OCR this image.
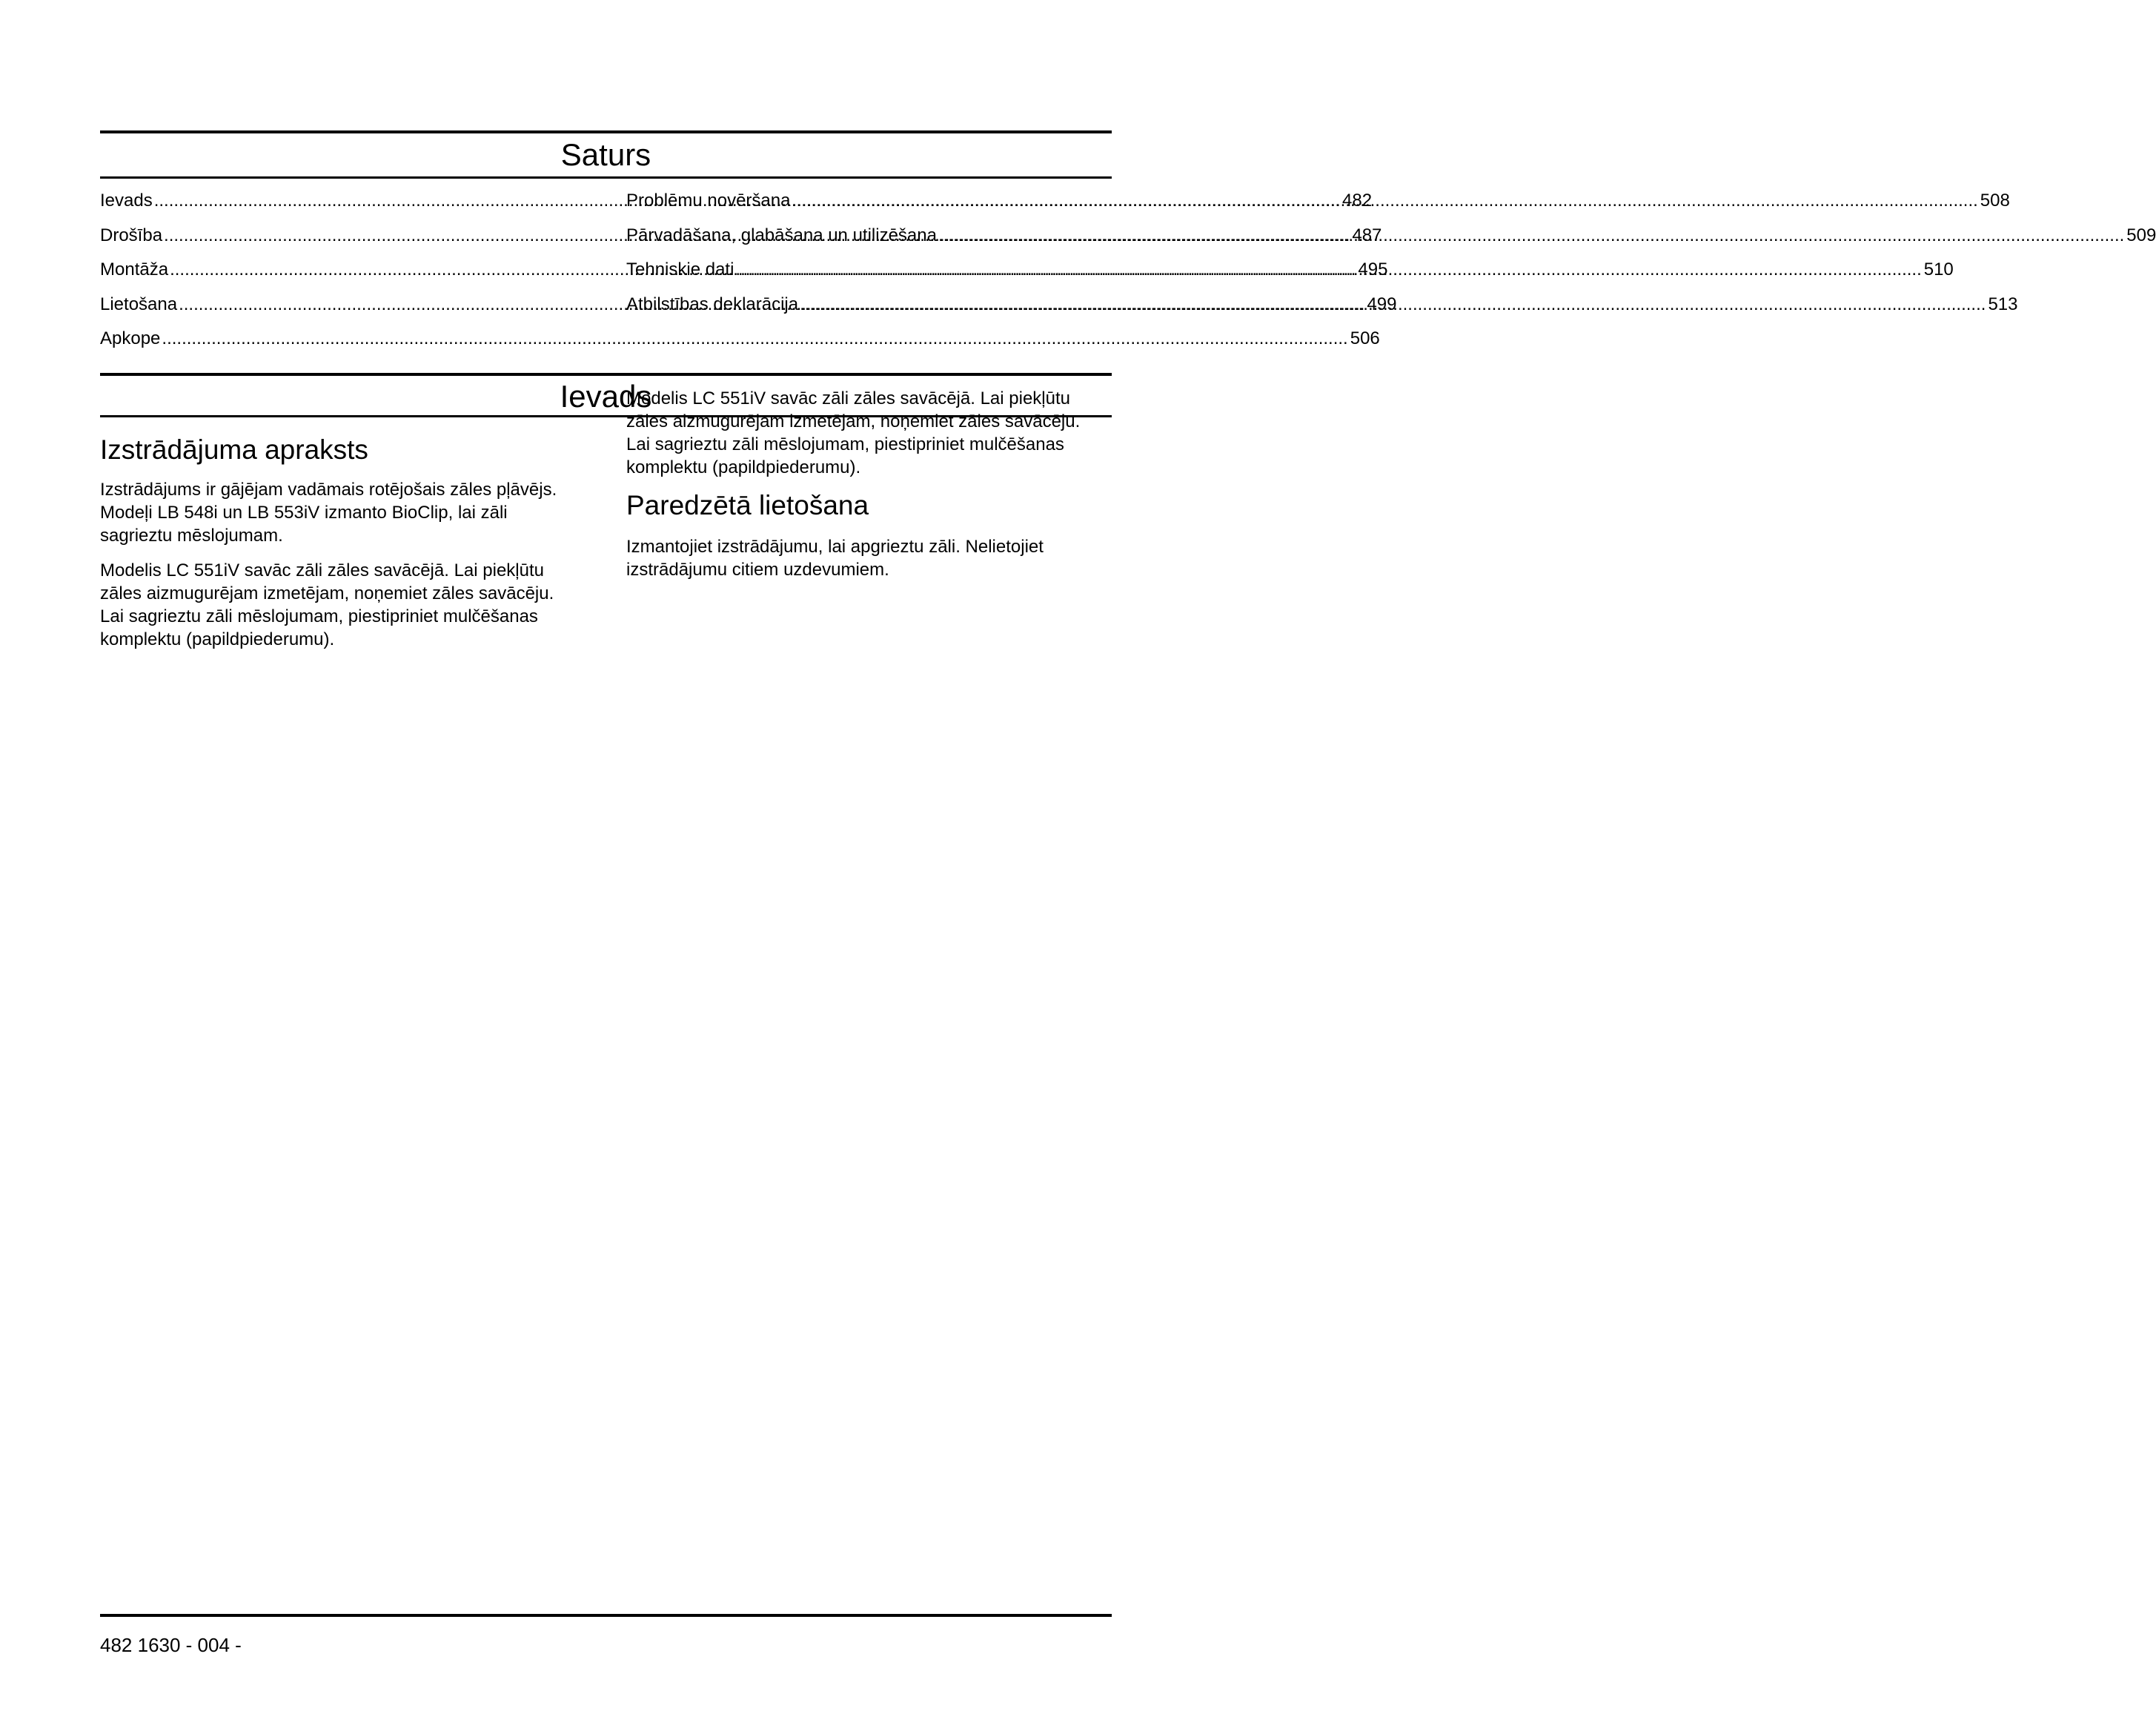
Saturs
Ievads .....	482
Drošība .....	487
Montāža .....	495
Lietošana .....	499
Apkope .....	506
Problēmu novēršana .....	508
Pārvadāšana, glabāšana un utilizēšana .....	509
Tehniskie dati .....	510
Atbilstības deklarācija .....	513
Ievads
Izstrādājuma apraksts

Izstrādājums ir gājējam vadāmais rotējošais zāles pļāvējs. Modeļi LB 548i un LB 553iV izmanto BioClip, lai zāli sagrieztu mēslojumam.

Modelis LC 551iV savāc zāli zāles savācējā. Lai piekļūtu zāles aizmugurējam izmetējam, noņemiet zāles savācēju. Lai sagrieztu zāli mēslojumam, piestipriniet mulčēšanas komplektu (papildpiederumu).

Modelis LC 551iV savāc zāli zāles savācējā. Lai piekļūtu zāles aizmugurējam izmetējam, noņemiet zāles savācēju. Lai sagrieztu zāli mēslojumam, piestipriniet mulčēšanas komplektu (papildpiederumu).

Paredzētā lietošana

Izmantojiet izstrādājumu, lai apgrieztu zāli. Nelietojiet izstrādājumu citiem uzdevumiem.

482 1630 - 004 -
